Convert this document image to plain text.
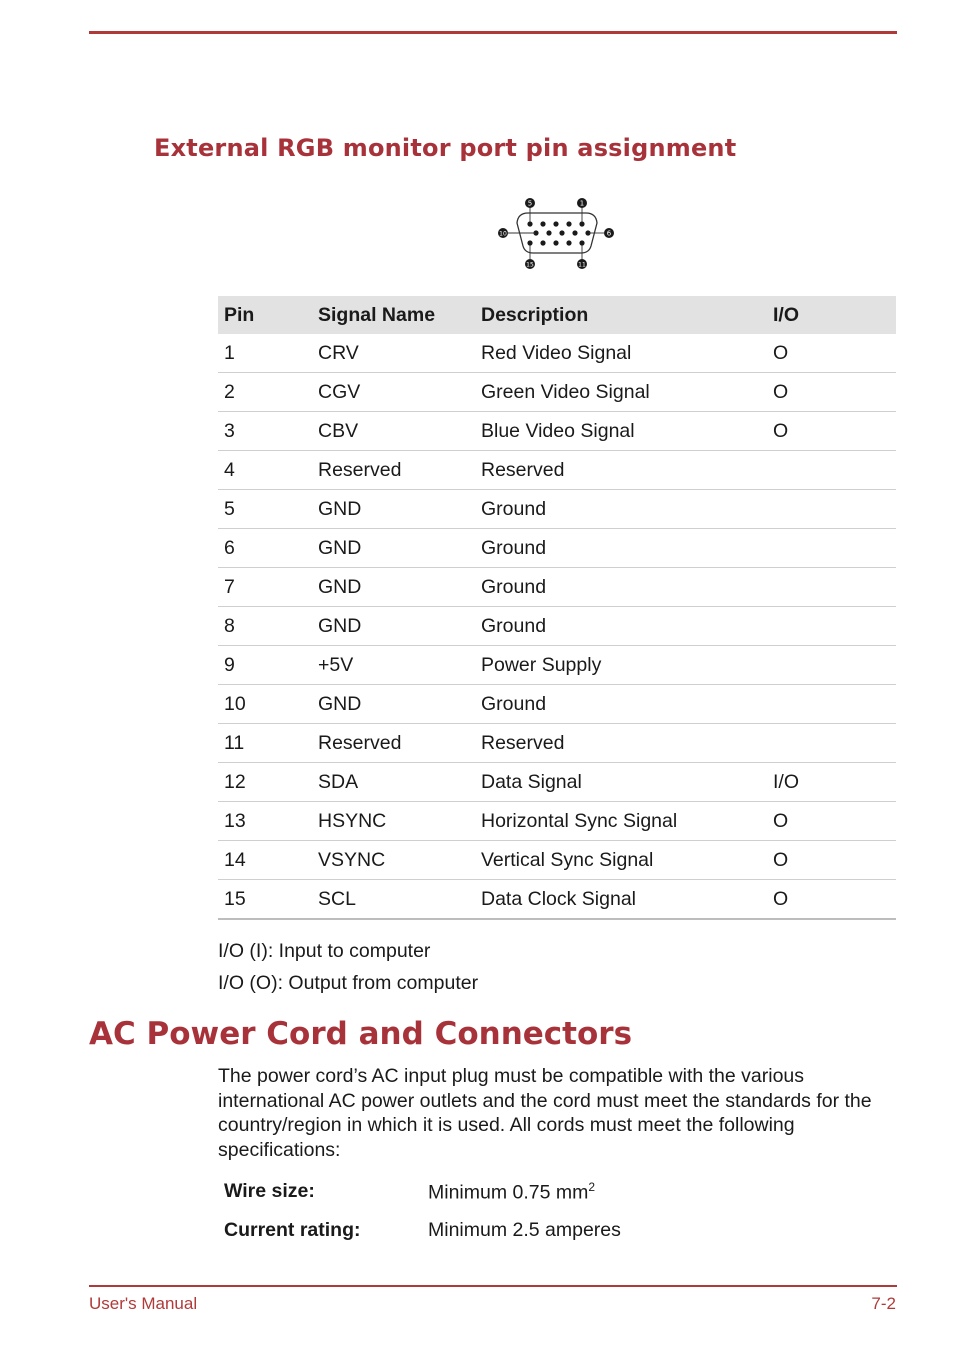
External RGB monitor port pin assignment
5	1
10	6
15	11
Pin	Signal Name	Description	I/O
1	CRV	Red Video Signal	O
2	CGV	Green Video Signal	O
3	CBV	Blue Video Signal	O
4	Reserved	Reserved	
5	GND	Ground	
6	GND	Ground	
7	GND	Ground	
8	GND	Ground	
9	+5V	Power Supply	
10	GND	Ground	
11	Reserved	Reserved	
12	SDA	Data Signal	I/O
13	HSYNC	Horizontal Sync Signal	O
14	VSYNC	Vertical Sync Signal	O
15	SCL	Data Clock Signal	O

I/O (I): Input to computer

I/O (O): Output from computer

AC Power Cord and Connectors

The power cord’s AC input plug must be compatible with the various international AC power outlets and the cord must meet the standards for the country/region in which it is used. All cords must meet the following specifications:

Wire size:	Minimum 0.75 $mm^2$
Current rating:	Minimum 2.5 amperes
User's Manual	7-2
